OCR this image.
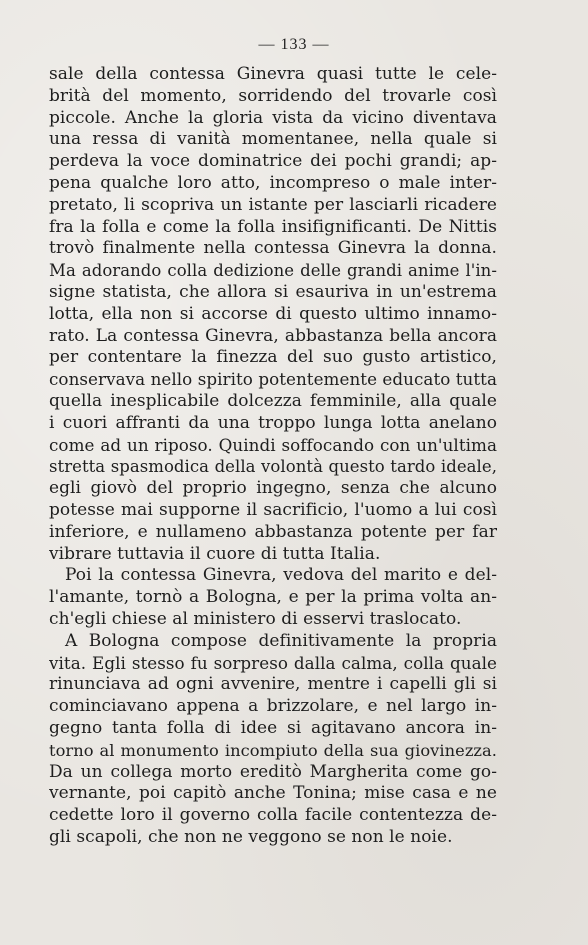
— 133 —
sale della contessa Ginevra quasi tutte le cele-
brità del momento, sorridendo del trovarle così
piccole. Anche la gloria vista da vicino diventava
una ressa di vanità momentanee, nella quale si
perdeva la voce dominatrice dei pochi grandi; ap-
pena qualche loro atto, incompreso o male inter-
pretato, li scopriva un istante per lasciarli ricadere
fra la folla e come la folla insifignificanti. De Nittis
trovò finalmente nella contessa Ginevra la donna.
Ma adorando colla dedizione delle grandi anime l'in-
signe statista, che allora si esauriva in un'estrema
lotta, ella non si accorse di questo ultimo innamo-
rato. La contessa Ginevra, abbastanza bella ancora
per contentare la finezza del suo gusto artistico,
conservava nello spirito potentemente educato tutta
quella inesplicabile dolcezza femminile, alla quale
i cuori affranti da una troppo lunga lotta anelano
come ad un riposo. Quindi soffocando con un'ultima
stretta spasmodica della volontà questo tardo ideale,
egli giovò del proprio ingegno, senza che alcuno
potesse mai supporne il sacrificio, l'uomo a lui così
inferiore, e nullameno abbastanza potente per far
vibrare tuttavia il cuore di tutta Italia.
Poi la contessa Ginevra, vedova del marito e del-
l'amante, tornò a Bologna, e per la prima volta an-
ch'egli chiese al ministero di esservi traslocato.
A Bologna compose definitivamente la propria
vita. Egli stesso fu sorpreso dalla calma, colla quale
rinunciava ad ogni avvenire, mentre i capelli gli si
cominciavano appena a brizzolare, e nel largo in-
gegno tanta folla di idee si agitavano ancora in-
torno al monumento incompiuto della sua giovinezza.
Da un collega morto ereditò Margherita come go-
vernante, poi capitò anche Tonina; mise casa e ne
cedette loro il governo colla facile contentezza de-
gli scapoli, che non ne veggono se non le noie.
